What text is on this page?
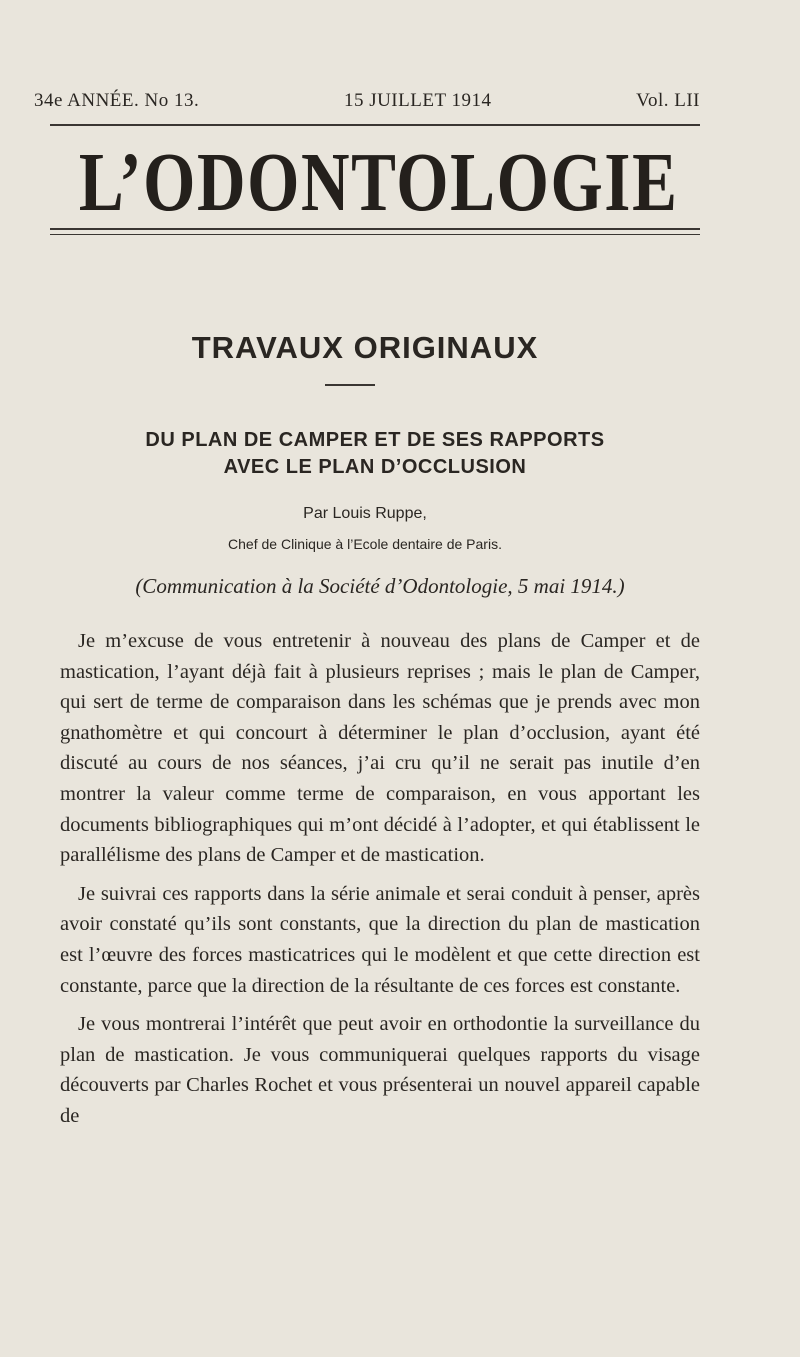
34e ANNÉE. No 13.	15 JUILLET 1914	Vol. LII
L’ODONTOLOGIE
TRAVAUX ORIGINAUX
DU PLAN DE CAMPER ET DE SES RAPPORTS
AVEC LE PLAN D’OCCLUSION
Par Louis Ruppe,
Chef de Clinique à l’Ecole dentaire de Paris.
(Communication à la Société d’Odontologie, 5 mai 1914.)

Je m’excuse de vous entretenir à nouveau des plans de Camper et de mastication, l’ayant déjà fait à plusieurs reprises ; mais le plan de Camper, qui sert de terme de comparaison dans les schémas que je prends avec mon gnathomètre et qui concourt à déterminer le plan d’occlusion, ayant été discuté au cours de nos séances, j’ai cru qu’il ne serait pas inutile d’en montrer la valeur comme terme de comparaison, en vous apportant les documents bibliographiques qui m’ont décidé à l’adopter, et qui établissent le parallélisme des plans de Camper et de mastication.

Je suivrai ces rapports dans la série animale et serai conduit à penser, après avoir constaté qu’ils sont constants, que la direction du plan de mastication est l’œuvre des forces masticatrices qui le modèlent et que cette direction est constante, parce que la direction de la résultante de ces forces est constante.

Je vous montrerai l’intérêt que peut avoir en orthodontie la surveillance du plan de mastication. Je vous communiquerai quelques rapports du visage découverts par Charles Rochet et vous présenterai un nouvel appareil capable de
